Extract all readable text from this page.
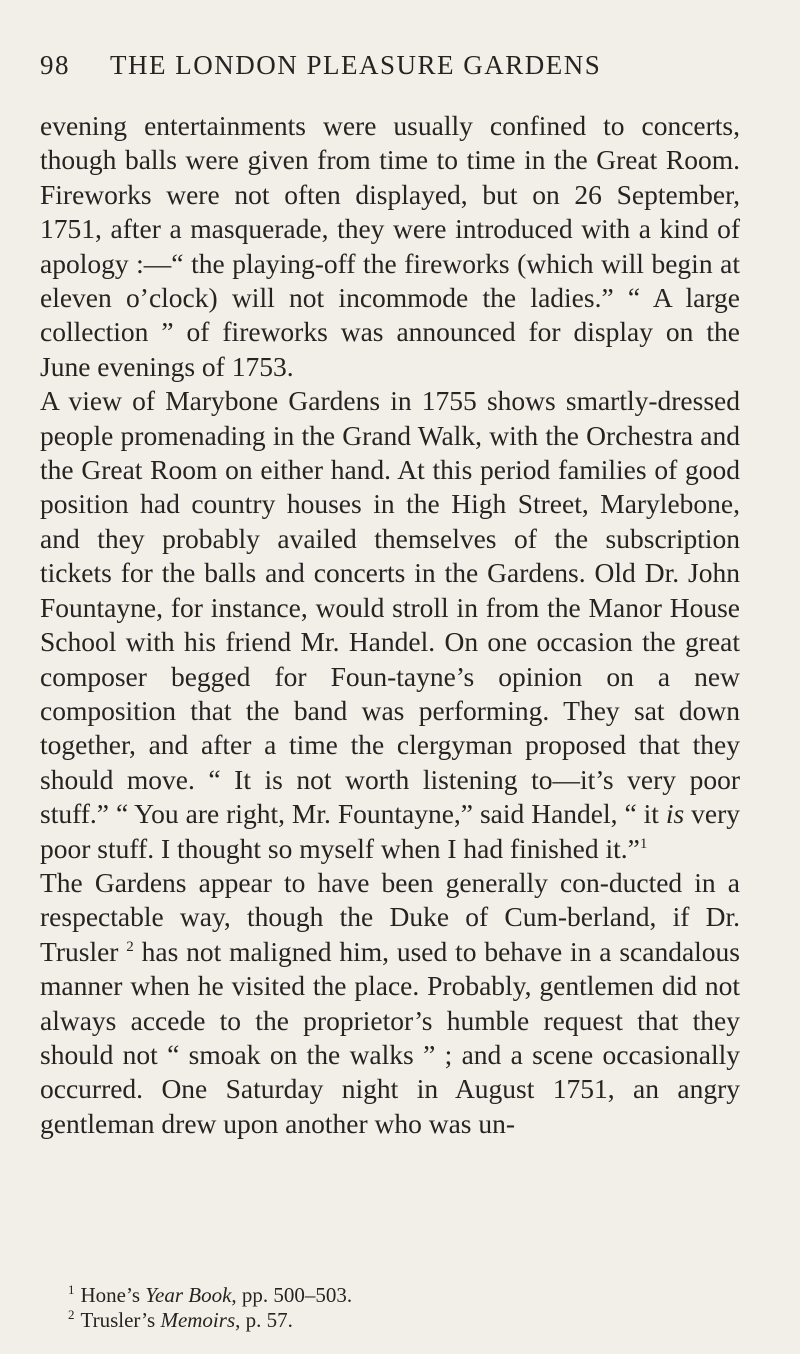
98 THE LONDON PLEASURE GARDENS

evening entertainments were usually confined to concerts, though balls were given from time to time in the Great Room. Fireworks were not often displayed, but on 26 September, 1751, after a masquerade, they were introduced with a kind of apology :—“ the playing-off the fireworks (which will begin at eleven o’clock) will not incommode the ladies.” “ A large collection ” of fireworks was announced for display on the June evenings of 1753.

A view of Marybone Gardens in 1755 shows smartly-dressed people promenading in the Grand Walk, with the Orchestra and the Great Room on either hand. At this period families of good position had country houses in the High Street, Marylebone, and they probably availed themselves of the subscription tickets for the balls and concerts in the Gardens. Old Dr. John Fountayne, for instance, would stroll in from the Manor House School with his friend Mr. Handel. On one occasion the great composer begged for Foun-tayne’s opinion on a new composition that the band was performing. They sat down together, and after a time the clergyman proposed that they should move. “ It is not worth listening to—it’s very poor stuff.” “ You are right, Mr. Fountayne,” said Handel, “ it is very poor stuff. I thought so myself when I had finished it.”$^1$

The Gardens appear to have been generally con-ducted in a respectable way, though the Duke of Cum-berland, if Dr. Trusler $^2$ has not maligned him, used to behave in a scandalous manner when he visited the place. Probably, gentlemen did not always accede to the proprietor’s humble request that they should not “ smoak on the walks ” ; and a scene occasionally occurred. One Saturday night in August 1751, an angry gentleman drew upon another who was un-

$^1$ Hone’s Year Book, pp. 500–503.

$^2$ Trusler’s Memoirs, p. 57.
